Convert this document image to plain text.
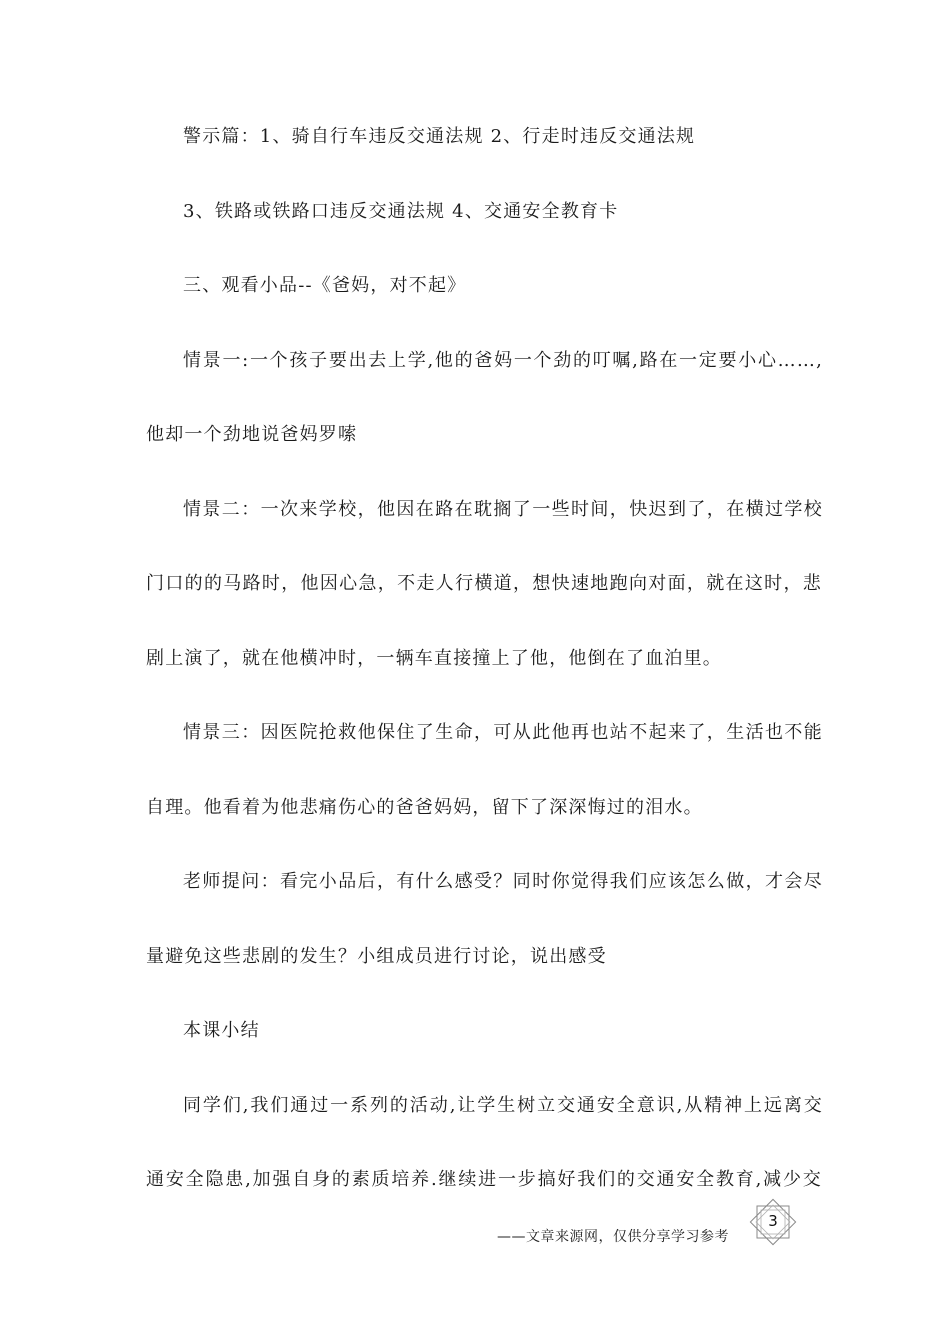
警示篇：1、骑自行车违反交通法规 2、行走时违反交通法规
3、铁路或铁路口违反交通法规 4、交通安全教育卡
三、观看小品--《爸妈，对不起》
情景一:一个孩子要出去上学,他的爸妈一个劲的叮嘱,路在一定要小心……,
他却一个劲地说爸妈罗嗦
情景二：一次来学校，他因在路在耽搁了一些时间，快迟到了，在横过学校
门口的的马路时，他因心急，不走人行横道，想快速地跑向对面，就在这时，悲
剧上演了，就在他横冲时，一辆车直接撞上了他，他倒在了血泊里。
情景三：因医院抢救他保住了生命，可从此他再也站不起来了，生活也不能
自理。他看着为他悲痛伤心的爸爸妈妈，留下了深深悔过的泪水。
老师提问：看完小品后，有什么感受？同时你觉得我们应该怎么做，才会尽
量避免这些悲剧的发生？小组成员进行讨论，说出感受
本课小结
同学们,我们通过一系列的活动,让学生树立交通安全意识,从精神上远离交
通安全隐患,加强自身的素质培养.继续进一步搞好我们的交通安全教育,减少交
——文章来源网，仅供分享学习参考
3
